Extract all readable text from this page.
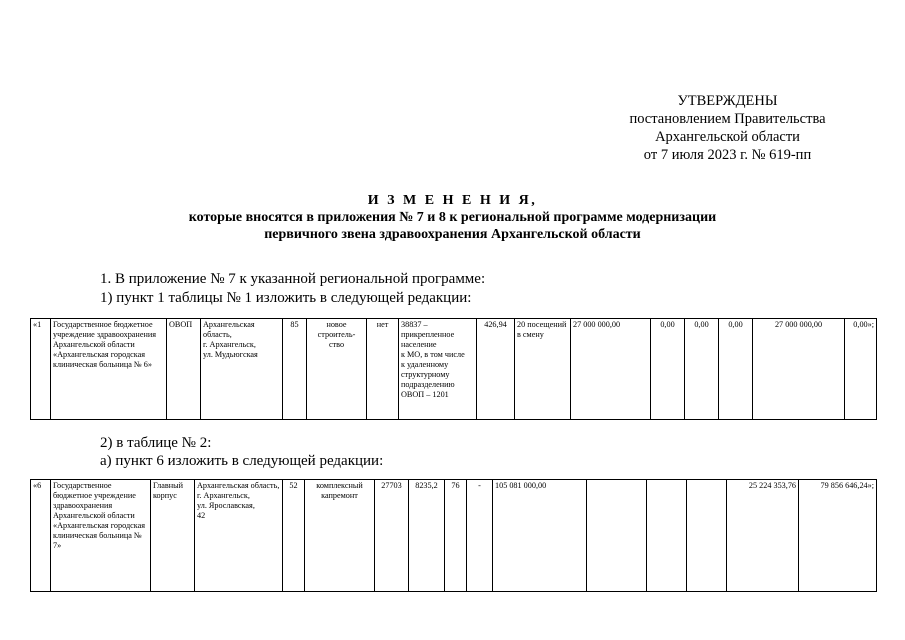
УТВЕРЖДЕНЫ
постановлением Правительства
Архангельской области
от 7 июля 2023 г. № 619-пп
И З М Е Н Е Н И Я,
которые вносятся в приложения № 7 и 8 к региональной программе модернизации
первичного звена здравоохранения Архангельской области
1. В приложение № 7 к указанной региональной программе:
1) пункт 1 таблицы № 1 изложить в следующей редакции:
«1	Государственное бюджетное учреждение здравоохранения Архангельской области «Архангельская городская клиническая больница № 6»	ОВОП	Архангельская область,
г. Архангельск,
ул. Мудьюгская	85	новое строитель-
ство	нет	38837 – прикрепленное население
к МО, в том числе
к удаленному структурному подразделению ОВОП – 1201	426,94	20 посещений в смену	27 000 000,00	0,00	0,00	0,00	27 000 000,00	0,00»;
2) в таблице № 2:
а) пункт 6 изложить в следующей редакции:
«6	Государственное бюджетное учреждение здравоохранения Архангельской области «Архангельская городская клиническая больница № 7»	Главный корпус	Архангельская область,
г. Архангельск,
ул. Ярославская,
42	52	комплексный капремонт	27703	8235,2	76	-	105 081 000,00				25 224 353,76	79 856 646,24»;
